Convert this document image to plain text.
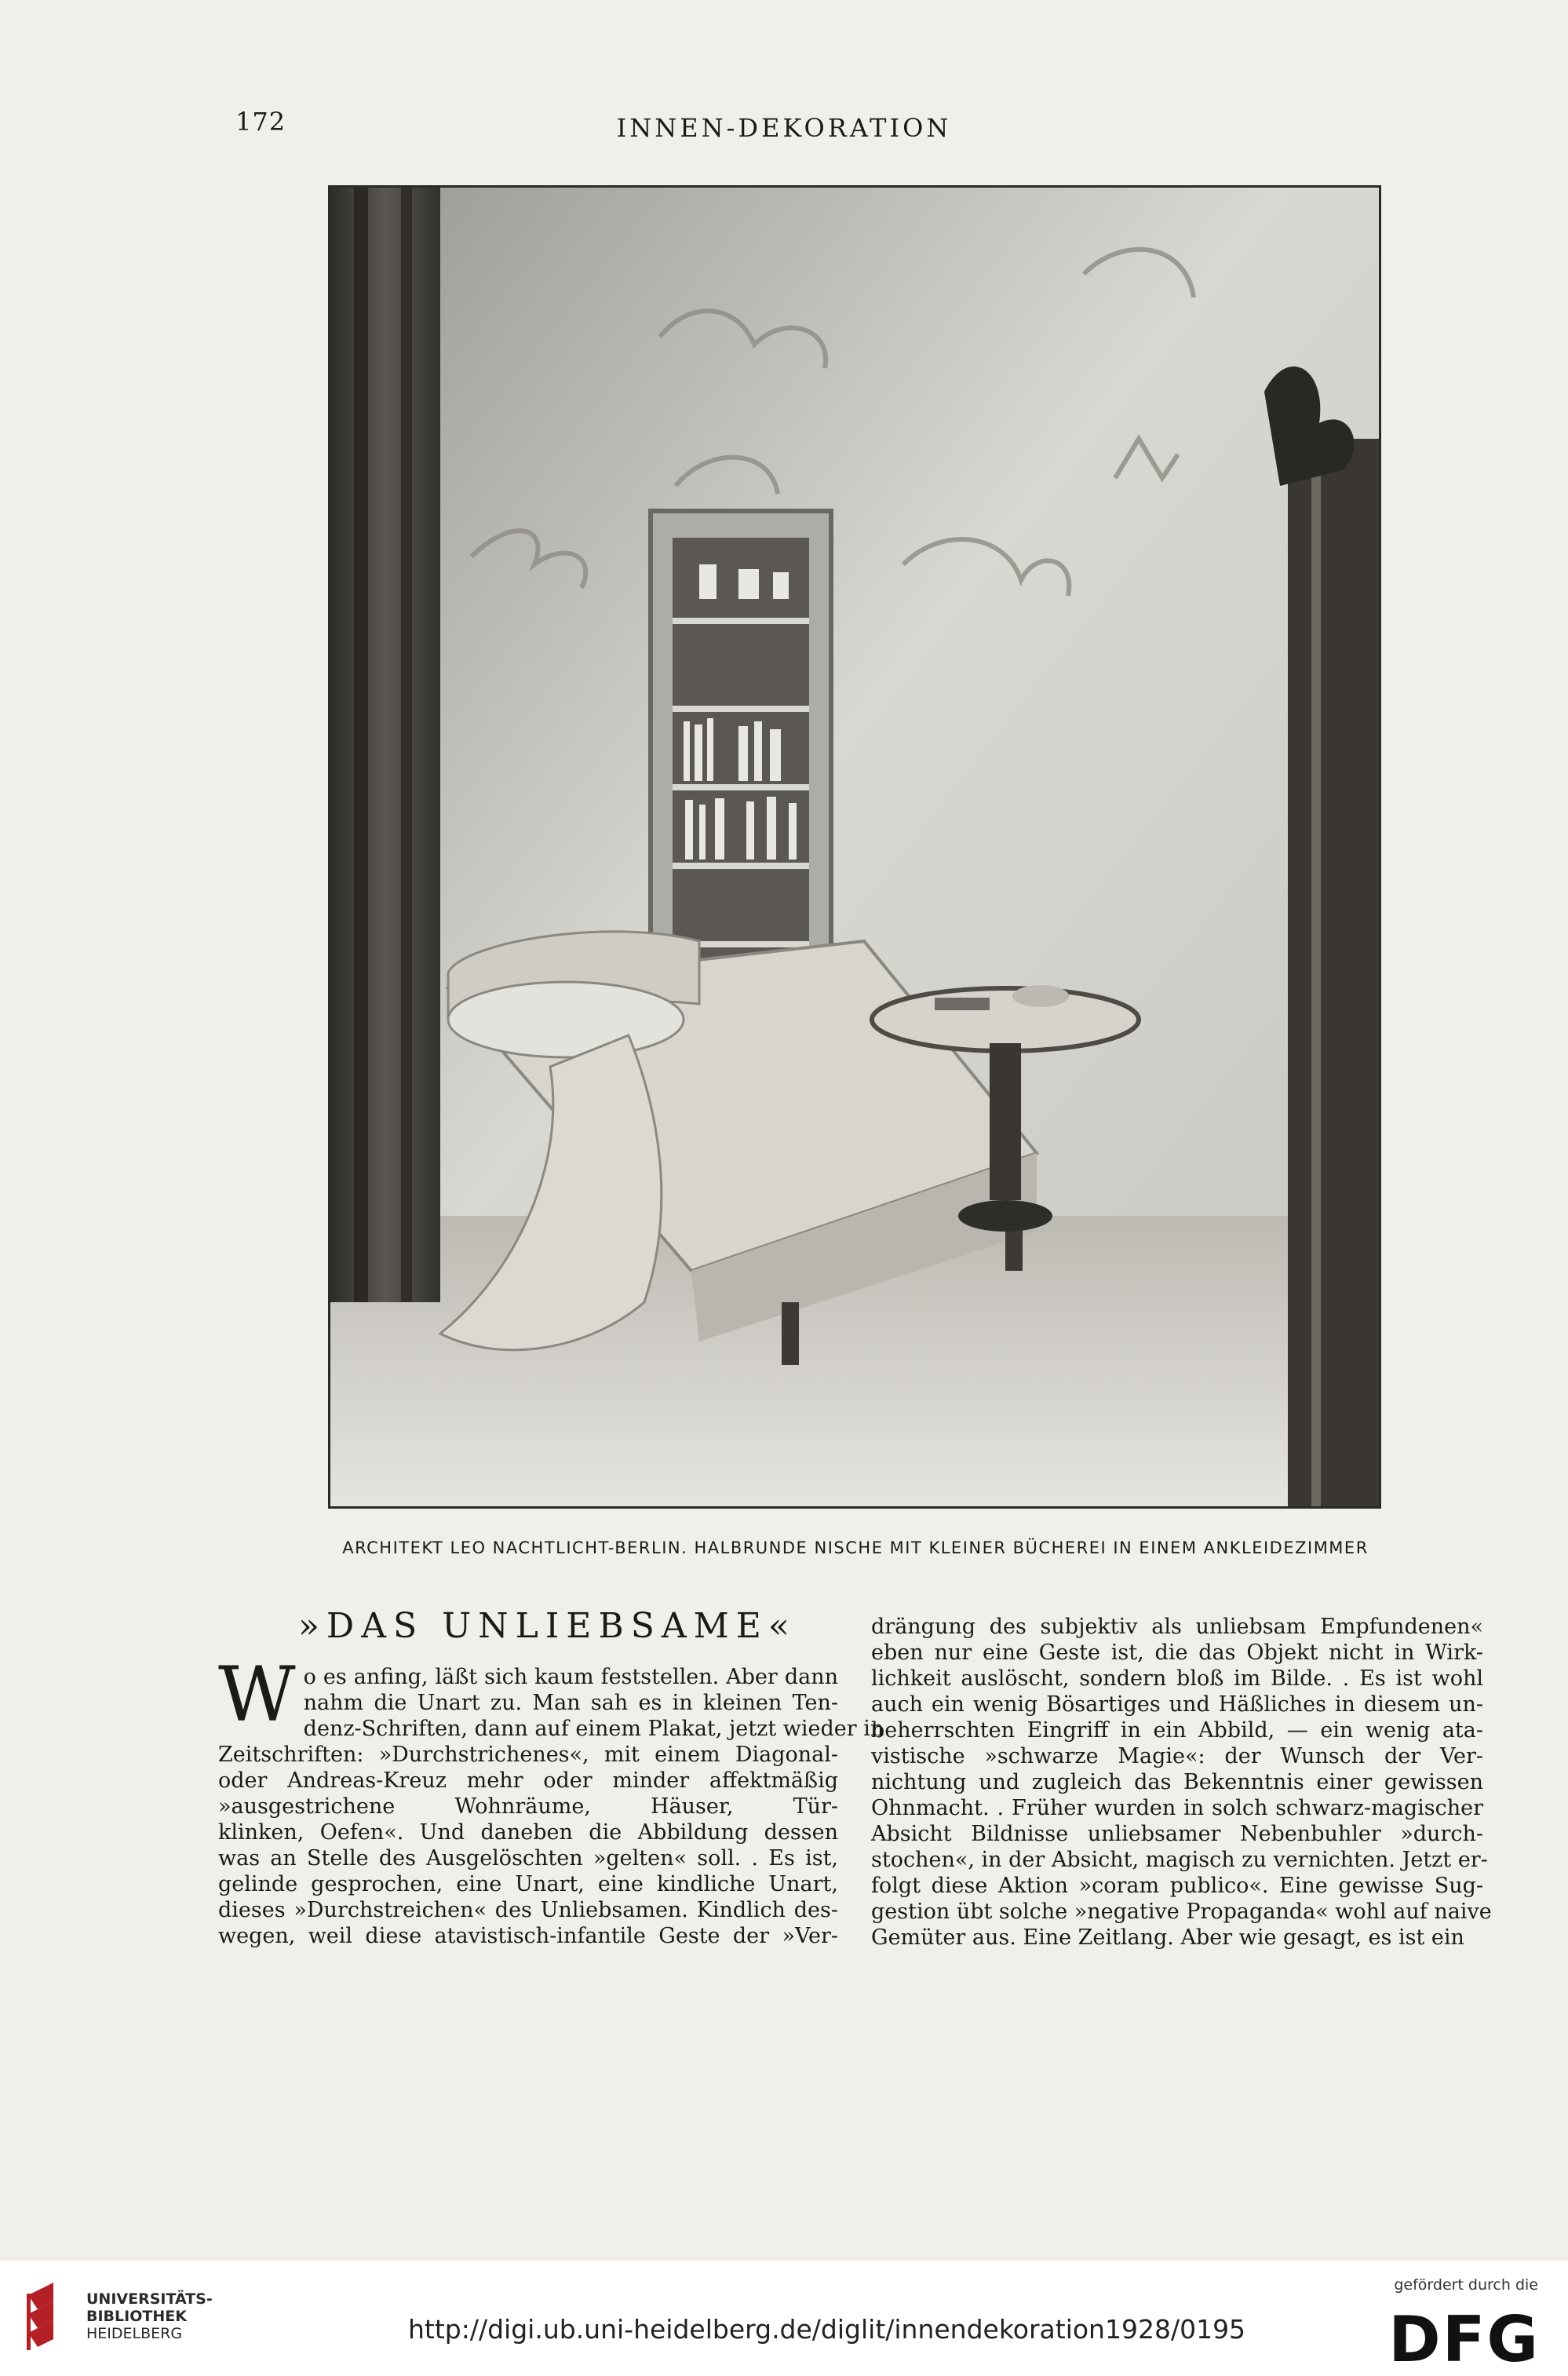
172	INNEN-DEKORATION
ARCHITEKT LEO NACHTLICHT-BERLIN. HALBRUNDE NISCHE MIT KLEINER BÜCHEREI IN EINEM ANKLEIDEZIMMER
»DAS UNLIEBSAME«
W o es anfing, läßt sich kaum feststellen. Aber dann
nahm die Unart zu. Man sah es in kleinen Ten-
denz-Schriften, dann auf einem Plakat, jetzt wieder in
Zeitschriften: »Durchstrichenes«, mit einem Diagonal-
oder Andreas-Kreuz mehr oder minder affektmäßig
»ausgestrichene Wohnräume, Häuser, Tür-
klinken, Oefen«. Und daneben die Abbildung dessen
was an Stelle des Ausgelöschten »gelten« soll. . Es ist,
gelinde gesprochen, eine Unart, eine kindliche Unart,
dieses »Durchstreichen« des Unliebsamen. Kindlich des-
wegen, weil diese atavistisch-infantile Geste der »Ver-
drängung des subjektiv als unliebsam Empfundenen«
eben nur eine Geste ist, die das Objekt nicht in Wirk-
lichkeit auslöscht, sondern bloß im Bilde. . Es ist wohl
auch ein wenig Bösartiges und Häßliches in diesem un-
beherrschten Eingriff in ein Abbild, — ein wenig ata-
vistische »schwarze Magie«: der Wunsch der Ver-
nichtung und zugleich das Bekenntnis einer gewissen
Ohnmacht. . Früher wurden in solch schwarz-magischer
Absicht Bildnisse unliebsamer Nebenbuhler »durch-
stochen«, in der Absicht, magisch zu vernichten. Jetzt er-
folgt diese Aktion »coram publico«. Eine gewisse Sug-
gestion übt solche »negative Propaganda« wohl auf naive
Gemüter aus. Eine Zeitlang. Aber wie gesagt, es ist ein
UNIVERSITÄTS-
BIBLIOTHEK
HEIDELBERG	http://digi.ub.uni-heidelberg.de/diglit/innendekoration1928/0195
gefördert durch die
DFG
